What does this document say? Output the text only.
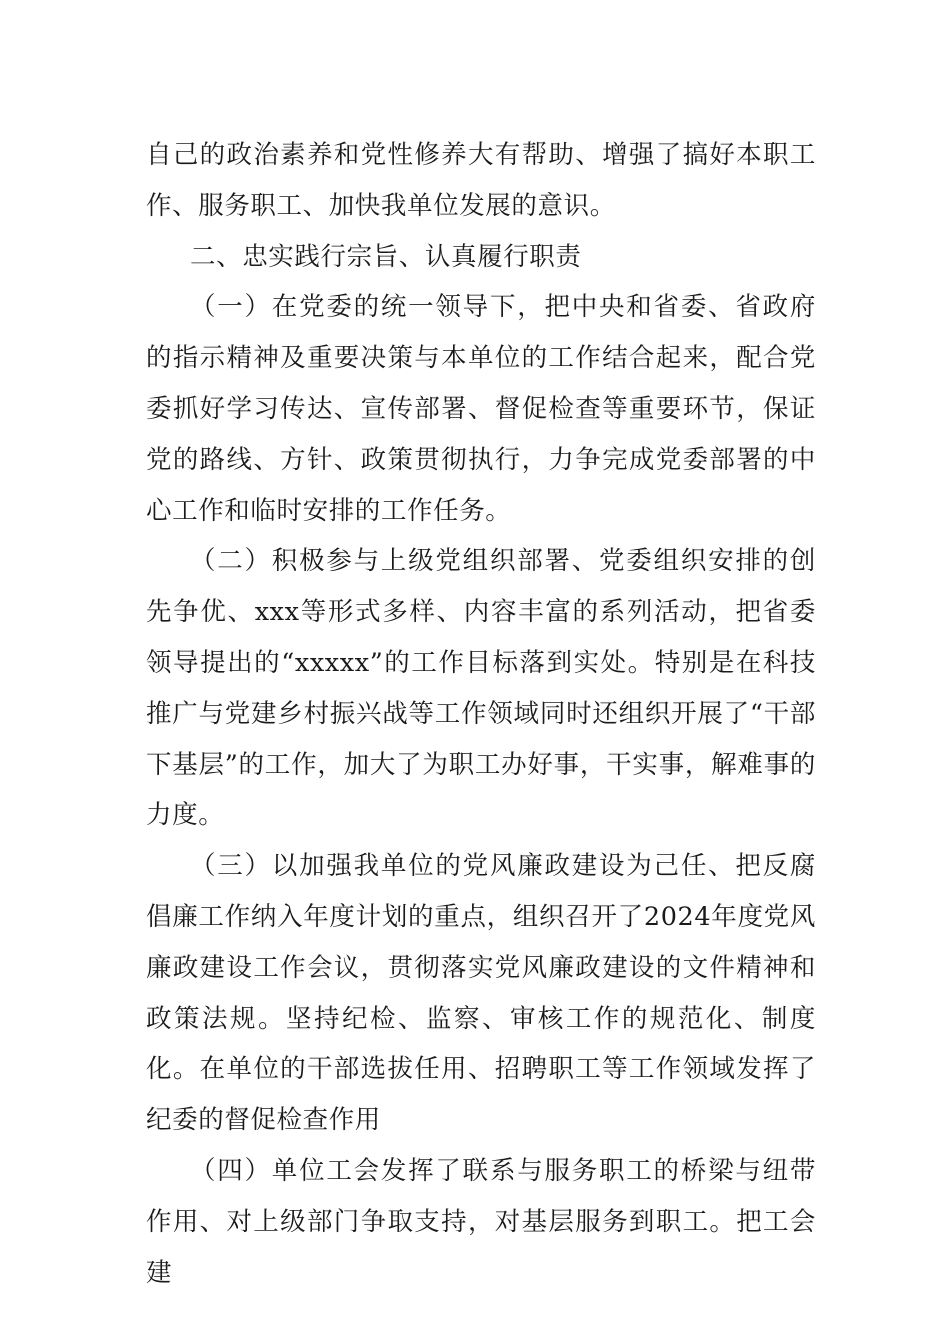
自己的政治素养和党性修养大有帮助、增强了搞好本职工作、服务职工、加快我单位发展的意识。

二、忠实践行宗旨、认真履行职责

（一）在党委的统一领导下，把中央和省委、省政府的指示精神及重要决策与本单位的工作结合起来，配合党委抓好学习传达、宣传部署、督促检查等重要环节，保证党的路线、方针、政策贯彻执行，力争完成党委部署的中心工作和临时安排的工作任务。

（二）积极参与上级党组织部署、党委组织安排的创先争优、xxx等形式多样、内容丰富的系列活动，把省委领导提出的“xxxxx”的工作目标落到实处。特别是在科技推广与党建乡村振兴战等工作领域同时还组织开展了“干部下基层”的工作，加大了为职工办好事，干实事，解难事的力度。

（三）以加强我单位的党风廉政建设为己任、把反腐倡廉工作纳入年度计划的重点，组织召开了2024年度党风廉政建设工作会议，贯彻落实党风廉政建设的文件精神和政策法规。坚持纪检、监察、审核工作的规范化、制度化。在单位的干部选拔任用、招聘职工等工作领域发挥了纪委的督促检查作用

（四）单位工会发挥了联系与服务职工的桥梁与纽带作用、对上级部门争取支持，对基层服务到职工。把工会建
